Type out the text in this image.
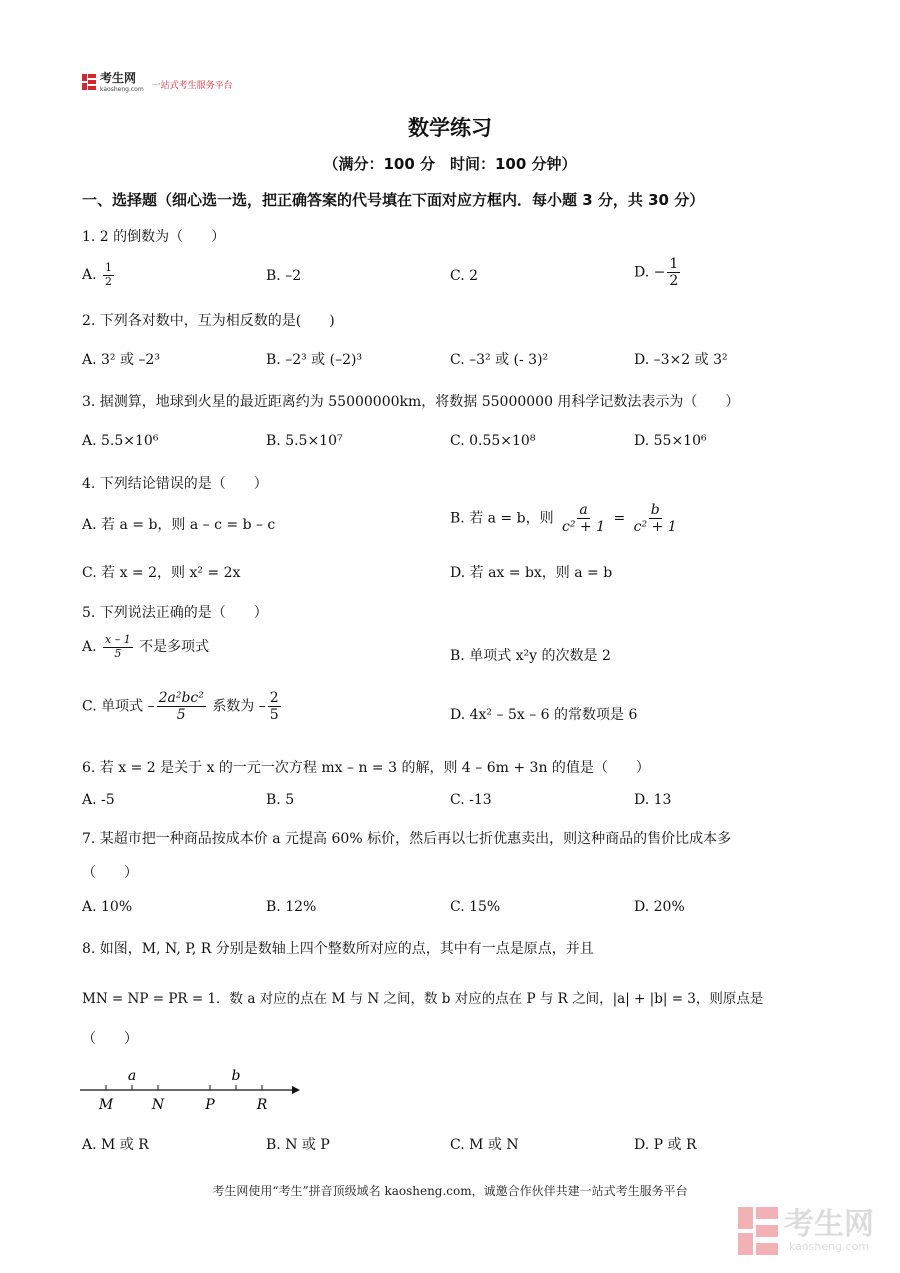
考生网
kaosheng.com 一站式考生服务平台
数学练习
（满分：100 分　时间：100 分钟）
一、选择题（细心选一选，把正确答案的代号填在下面对应方框内．每小题 3 分，共 30 分）
1. 2 的倒数为（　　）
A. $\frac{1}{2}$	B. –2	C. 2	D. − $\frac{1}{2}$
2. 下列各对数中，互为相反数的是(　　)
A. 3² 或 –2³	B. –2³ 或 (–2)³	C. –3² 或 (- 3)²	D. –3×2 或 3²
3. 据测算，地球到火星的最近距离约为 55000000km，将数据 55000000 用科学记数法表示为（　　）
A. 5.5×10⁶	B. 5.5×10⁷	C. 0.55×10⁸	D. 55×10⁶
4. 下列结论错误的是（　　）
A. 若 a = b，则 a – c = b – c	B. 若 a = b，则 $\frac{a}{\text{c² + 1}} = \frac{b}{\text{c² + 1}}$
C. 若 x = 2，则 x² = 2x	D. 若 ax = bx，则 a = b
5. 下列说法正确的是（　　）
A. $\frac{x - 1}{5}$ 不是多项式
B. 单项式 x²y 的次数是 2
C. 单项式 – $\frac{\text{2a²bc²}}{5}$ 系数为 – $\frac{2}{5}$	D. 4x² – 5x – 6 的常数项是 6
6. 若 x = 2 是关于 x 的一元一次方程 mx – n = 3 的解，则 4 – 6m + 3n 的值是（　　）
A. -5	B. 5	C. -13	D. 13
7. 某超市把一种商品按成本价 a 元提高 60% 标价，然后再以七折优惠卖出，则这种商品的售价比成本多
（　　）
A. 10%	B. 12%	C. 15%	D. 20%
8. 如图，M, N, P, R 分别是数轴上四个整数所对应的点，其中有一点是原点，并且
MN = NP = PR = 1．数 a 对应的点在 M 与 N 之间，数 b 对应的点在 P 与 R 之间，|a| + |b| = 3，则原点是
（　　）
a	b
M	N	P	R
A. M 或 R	B. N 或 P	C. M 或 N	D. P 或 R
考生网使用“考生”拼音顶级域名 kaosheng.com，诚邀合作伙伴共建一站式考生服务平台
考生网
kaosheng.com
